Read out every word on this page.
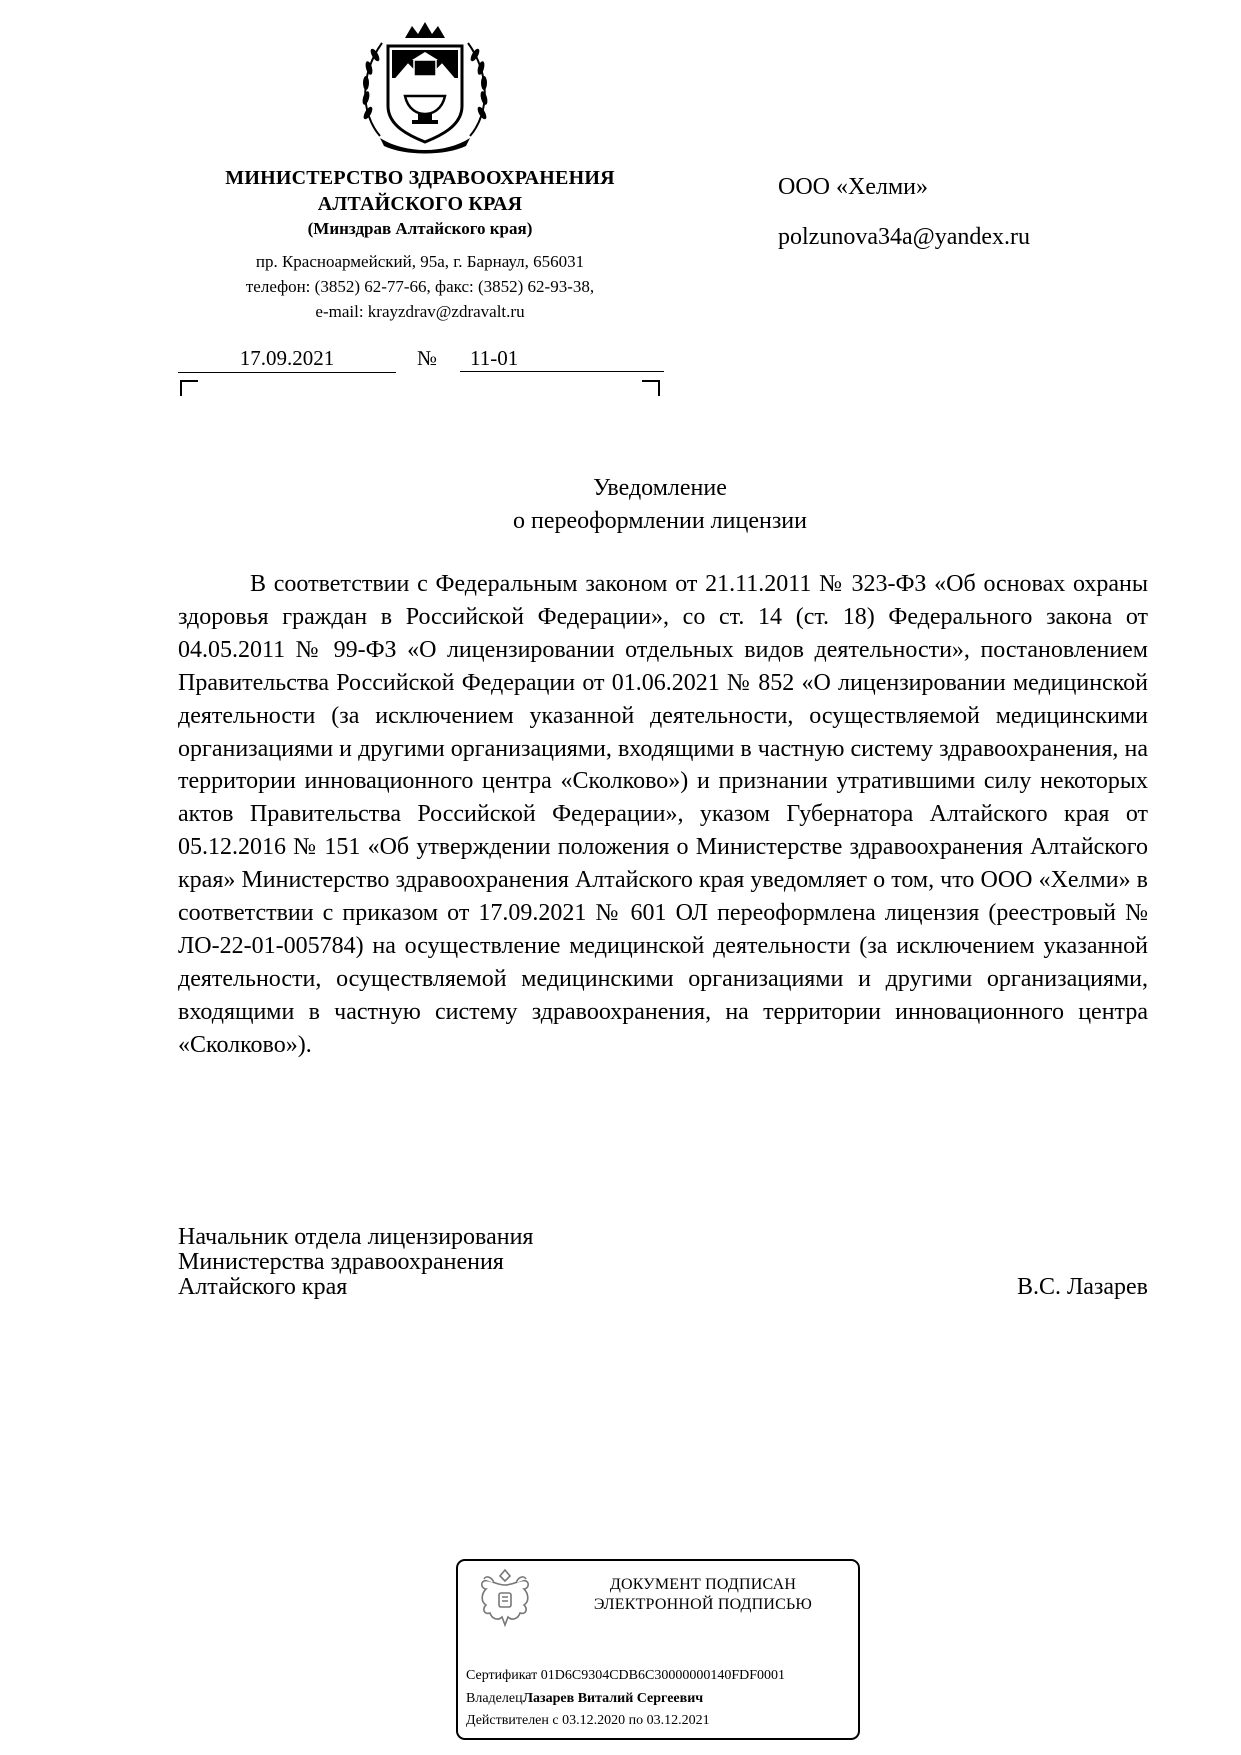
МИНИСТЕРСТВО ЗДРАВООХРАНЕНИЯ
АЛТАЙСКОГО КРАЯ
(Минздрав Алтайского края)
пр. Красноармейский, 95а, г. Барнаул, 656031
телефон: (3852) 62-77-66, факс: (3852) 62-93-38,
e-mail: krayzdrav@zdravalt.ru
17.09.2021	№	11-01
ООО «Хелми»
polzunova34a@yandex.ru
Уведомление
о переоформлении лицензии

В соответствии с Федеральным законом от 21.11.2011 № 323-ФЗ «Об основах охраны здоровья граждан в Российской Федерации», со ст. 14 (ст. 18) Федерального закона от 04.05.2011 № 99-ФЗ «О лицензировании отдельных видов деятельности», постановлением Правительства Российской Федерации от 01.06.2021 № 852 «О лицензировании медицинской деятельности (за исключением указанной деятельности, осуществляемой медицинскими организациями и другими организациями, входящими в частную систему здравоохранения, на территории инновационного центра «Сколково») и признании утратившими силу некоторых актов Правительства Российской Федерации», указом Губернатора Алтайского края от 05.12.2016 № 151 «Об утверждении положения о Министерстве здравоохранения Алтайского края» Министерство здравоохранения Алтайского края уведомляет о том, что ООО «Хелми» в соответствии с приказом от 17.09.2021 № 601 ОЛ переоформлена лицензия (реестровый № ЛО-22-01-005784) на осуществление медицинской деятельности (за исключением указанной деятельности, осуществляемой медицинскими организациями и другими организациями, входящими в частную систему здравоохранения, на территории инновационного центра «Сколково»).

Начальник отдела лицензирования
Министерства здравоохранения
Алтайского края	В.С. Лазарев
ДОКУМЕНТ ПОДПИСАН
ЭЛЕКТРОННОЙ ПОДПИСЬЮ
Сертификат 01D6C9304CDB6C30000000140FDF0001
ВладелецЛазарев Виталий Сергеевич
Действителен с 03.12.2020 по 03.12.2021
